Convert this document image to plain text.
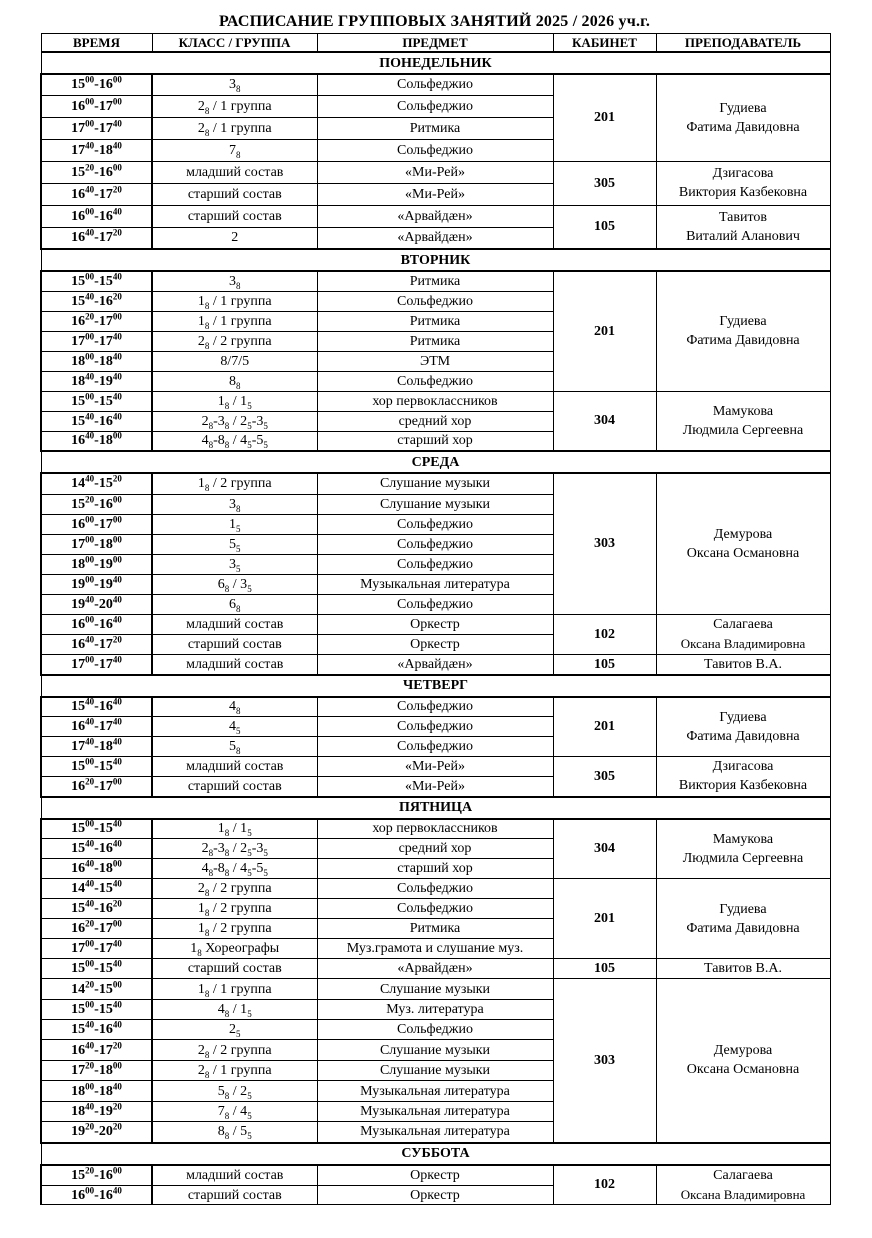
РАСПИСАНИЕ ГРУППОВЫХ ЗАНЯТИЙ 2025 / 2026 уч.г.
ВРЕМЯ	КЛАСС / ГРУППА	ПРЕДМЕТ	КАБИНЕТ	ПРЕПОДАВАТЕЛЬ
ПОНЕДЕЛЬНИК				
$15^{00}-16^{00}$	$3_8$	Сольфеджио	201	Гудиева
Фатима Давидовна

$16^{00}-17^{00}$	$2_8 / 1$ группа	Сольфеджио		
$17^{00}-17^{40}$	$2_8 / 1$ группа	Ритмика		
$17^{40}-18^{40}$	$7_8$	Сольфеджио		
$15^{20}-16^{00}$	младший состав	«Ми-Рей»	305	Дзигасова
Виктория Казбековна

$16^{40}-17^{20}$	старший состав	«Ми-Рей»		
$16^{00}-16^{40}$	старший состав	«Арвайдæн»	105	Тавитов
Виталий Аланович

$16^{40}-17^{20}$	2	«Арвайдæн»		
ВТОРНИК				
$15^{00}-15^{40}$	$3_8$	Ритмика	201	Гудиева
Фатима Давидовна

$15^{40}-16^{20}$	$1_8 / 1$ группа	Сольфеджио		
$16^{20}-17^{00}$	$1_8 / 1$ группа	Ритмика		
$17^{00}-17^{40}$	$2_8 / 2$ группа	Ритмика		
$18^{00}-18^{40}$	8/7/5	ЭТМ		
$18^{40}-19^{40}$	$8_8$	Сольфеджио		
$15^{00}-15^{40}$	$1_8 / 1_5$	хор первоклассников	304	Мамукова
Людмила Сергеевна

$15^{40}-16^{40}$	$2_8-3_8 / 2_5-3_5$	средний хор		
$16^{40}-18^{00}$	$4_8-8_8 / 4_5-5_5$	старший хор		
СРЕДА				
$14^{40}-15^{20}$	$1_8 / 2$ группа	Слушание музыки	303	Демурова
Оксана Османовна

$15^{20}-16^{00}$	$3_8$	Слушание музыки		
$16^{00}-17^{00}$	$1_5$	Сольфеджио		
$17^{00}-18^{00}$	$5_5$	Сольфеджио		
$18^{00}-19^{00}$	$3_5$	Сольфеджио		
$19^{00}-19^{40}$	$6_8 / 3_5$	Музыкальная литература		
$19^{40}-20^{40}$	$6_8$	Сольфеджио		
$16^{00}-16^{40}$	младший состав	Оркестр	102	Салагаева
Оксана Владимировна

$16^{40}-17^{20}$	старший состав	Оркестр		
$17^{00}-17^{40}$	младший состав	«Арвайдæн»	105	Тавитов В.А.

ЧЕТВЕРГ				
$15^{40}-16^{40}$	$4_8$	Сольфеджио	201	Гудиева
Фатима Давидовна

$16^{40}-17^{40}$	$4_5$	Сольфеджио		
$17^{40}-18^{40}$	$5_8$	Сольфеджио		
$15^{00}-15^{40}$	младший состав	«Ми-Рей»	305	Дзигасова
Виктория Казбековна

$16^{20}-17^{00}$	старший состав	«Ми-Рей»		
ПЯТНИЦА				
$15^{00}-15^{40}$	$1_8 / 1_5$	хор первоклассников	304	Мамукова
Людмила Сергеевна

$15^{40}-16^{40}$	$2_8-3_8 / 2_5-3_5$	средний хор		
$16^{40}-18^{00}$	$4_8-8_8 / 4_5-5_5$	старший хор		
$14^{40}-15^{40}$	$2_8 / 2$ группа	Сольфеджио	201	Гудиева
Фатима Давидовна

$15^{40}-16^{20}$	$1_8 / 2$ группа	Сольфеджио		
$16^{20}-17^{00}$	$1_8 / 2$ группа	Ритмика		
$17^{00}-17^{40}$	$1_8$ Хореографы	Муз.грамота и слушание муз.		
$15^{00}-15^{40}$	старший состав	«Арвайдæн»	105	Тавитов В.А.

$14^{20}-15^{00}$	$1_8 / 1$ группа	Слушание музыки	303	Демурова
Оксана Османовна

$15^{00}-15^{40}$	$4_8 / 1_5$	Муз. литература		
$15^{40}-16^{40}$	$2_5$	Сольфеджио		
$16^{40}-17^{20}$	$2_8 / 2$ группа	Слушание музыки		
$17^{20}-18^{00}$	$2_8 / 1$ группа	Слушание музыки		
$18^{00}-18^{40}$	$5_8 / 2_5$	Музыкальная литература		
$18^{40}-19^{20}$	$7_8 / 4_5$	Музыкальная литература		
$19^{20}-20^{20}$	$8_8 / 5_5$	Музыкальная литература		
СУББОТА				
$15^{20}-16^{00}$	младший состав	Оркестр	102	Салагаева
Оксана Владимировна

$16^{00}-16^{40}$	старший состав	Оркестр		
